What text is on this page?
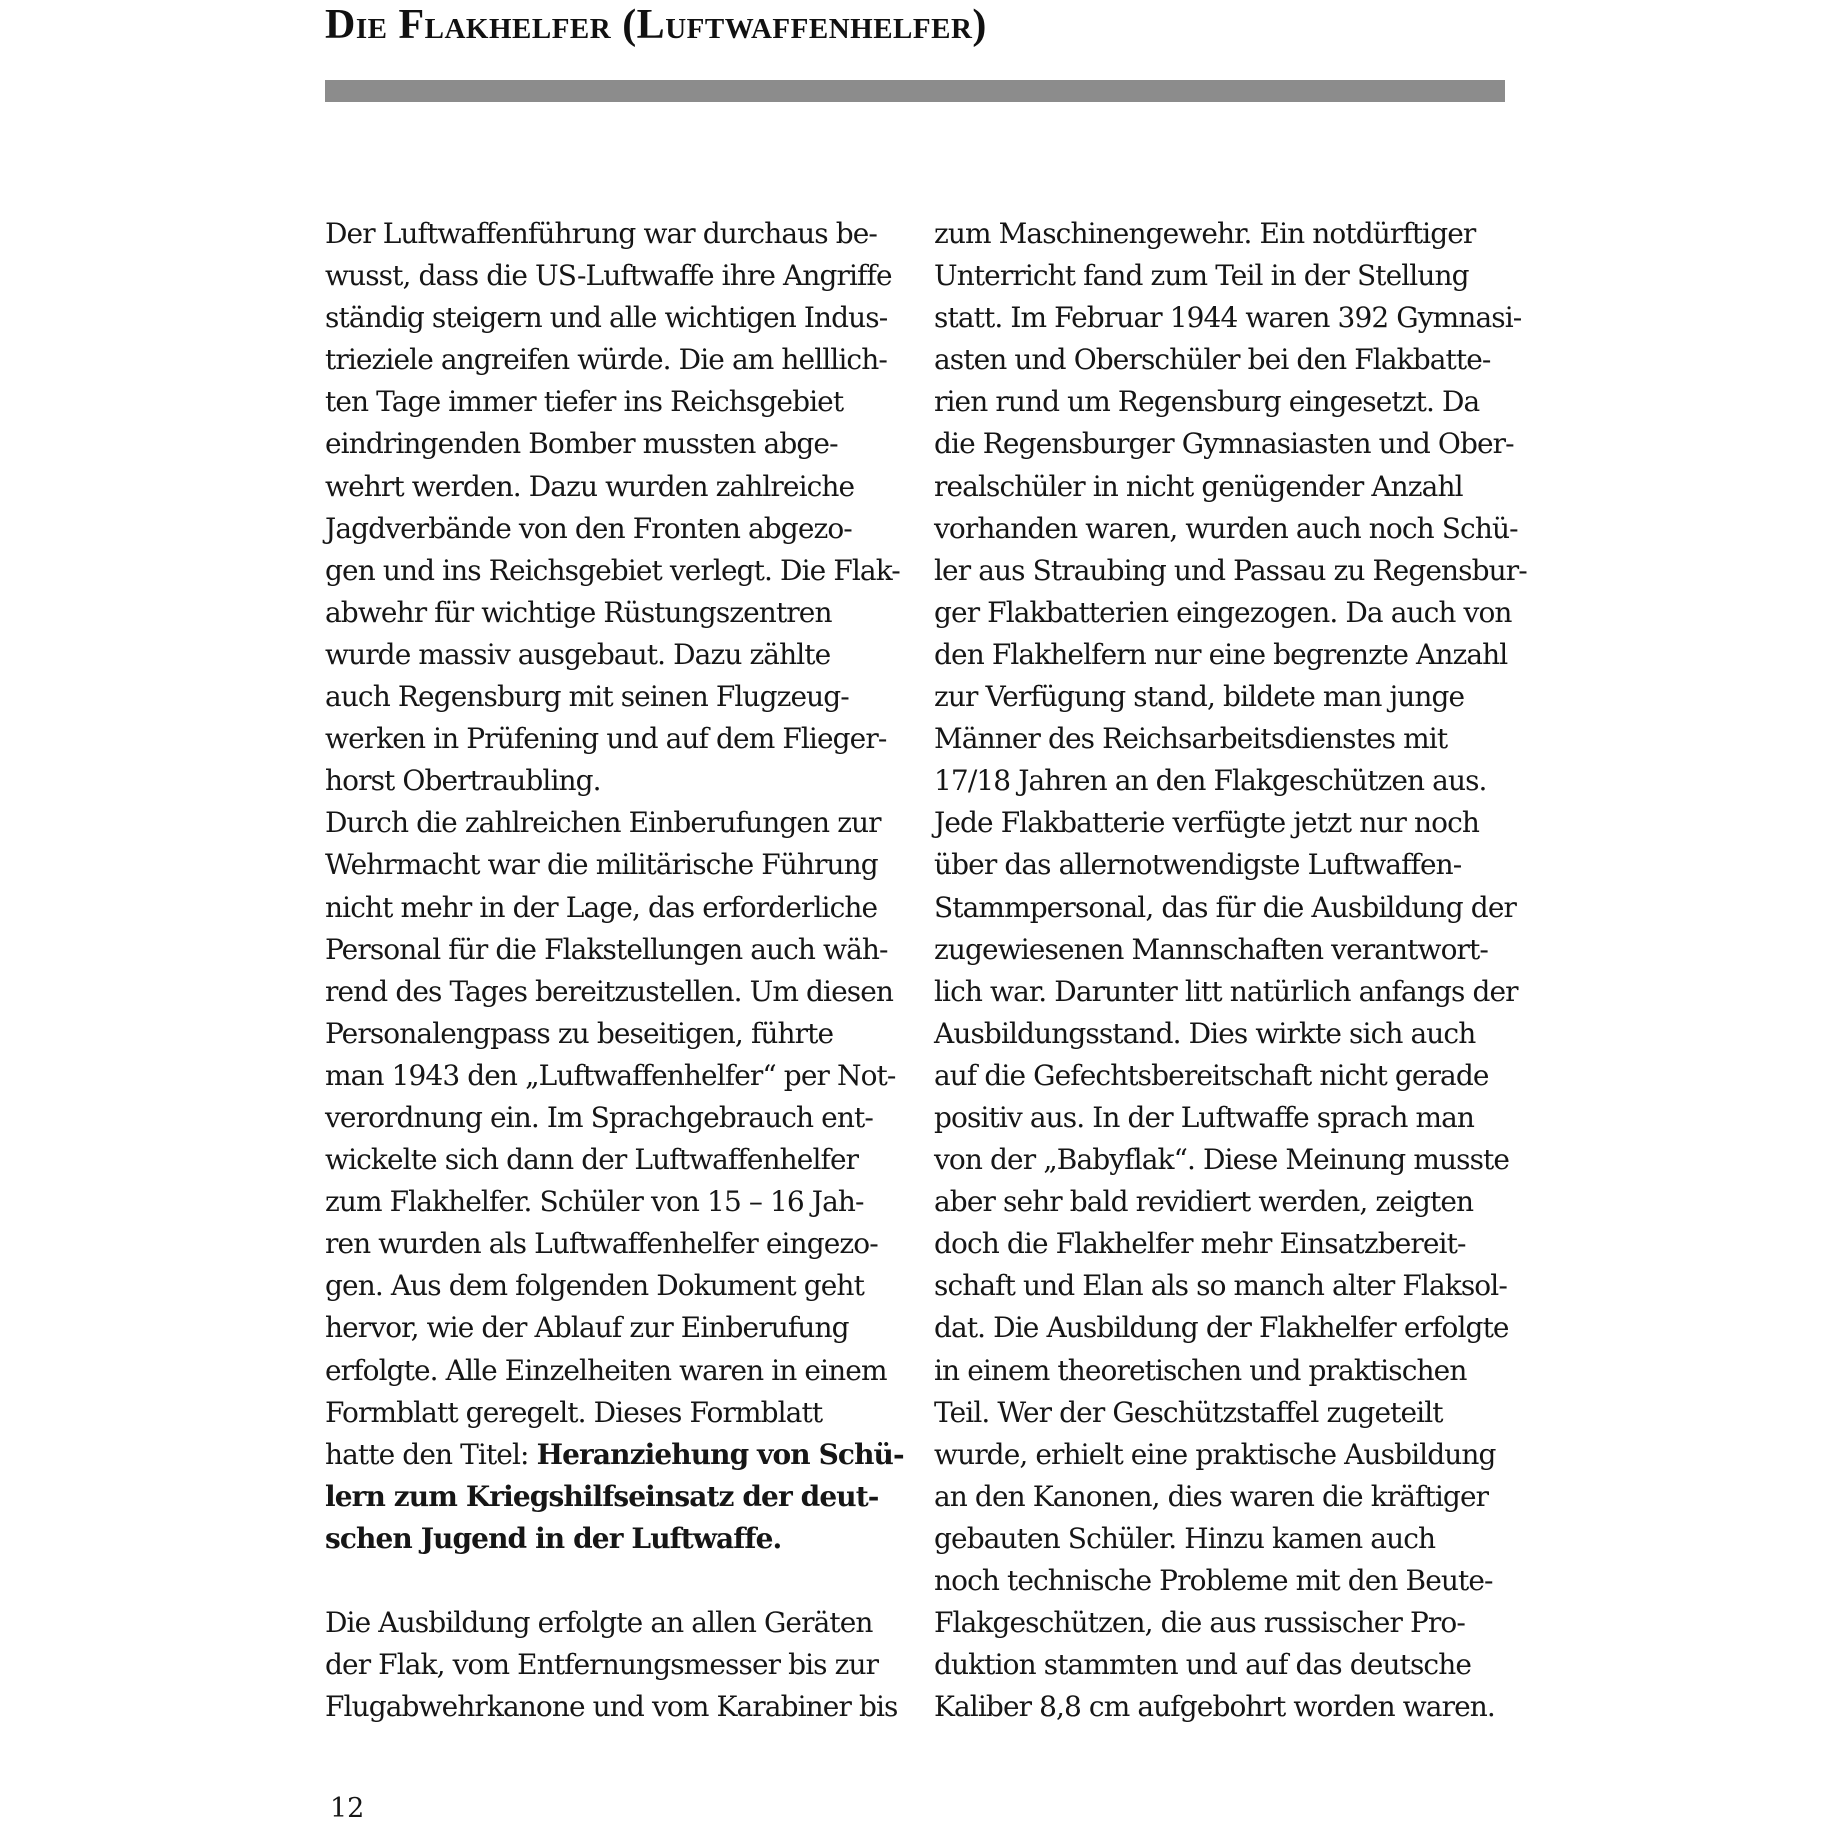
Die Flakhelfer (Luftwaffenhelfer)
Der Luftwaffenführung war durchaus be-
wusst, dass die US-Luftwaffe ihre Angriffe
ständig steigern und alle wichtigen Indus-
trieziele angreifen würde. Die am helllich-
ten Tage immer tiefer ins Reichsgebiet
eindringenden Bomber mussten abge-
wehrt werden. Dazu wurden zahlreiche
Jagdverbände von den Fronten abgezo-
gen und ins Reichsgebiet verlegt. Die Flak-
abwehr für wichtige Rüstungszentren
wurde massiv ausgebaut. Dazu zählte
auch Regensburg mit seinen Flugzeug-
werken in Prüfening und auf dem Flieger-
horst Obertraubling.
Durch die zahlreichen Einberufungen zur
Wehrmacht war die militärische Führung
nicht mehr in der Lage, das erforderliche
Personal für die Flakstellungen auch wäh-
rend des Tages bereitzustellen. Um diesen
Personalengpass zu beseitigen, führte
man 1943 den „Luftwaffenhelfer“ per Not-
verordnung ein. Im Sprachgebrauch ent-
wickelte sich dann der Luftwaffenhelfer
zum Flakhelfer. Schüler von 15 – 16 Jah-
ren wurden als Luftwaffenhelfer eingezo-
gen. Aus dem folgenden Dokument geht
hervor, wie der Ablauf zur Einberufung
erfolgte. Alle Einzelheiten waren in einem
Formblatt geregelt. Dieses Formblatt
hatte den Titel: Heranziehung von Schü-
lern zum Kriegshilfseinsatz der deut-
schen Jugend in der Luftwaffe.
Die Ausbildung erfolgte an allen Geräten
der Flak, vom Entfernungsmesser bis zur
Flugabwehrkanone und vom Karabiner bis
zum Maschinengewehr. Ein notdürftiger
Unterricht fand zum Teil in der Stellung
statt. Im Februar 1944 waren 392 Gymnasi-
asten und Oberschüler bei den Flakbatte-
rien rund um Regensburg eingesetzt. Da
die Regensburger Gymnasiasten und Ober-
realschüler in nicht genügender Anzahl
vorhanden waren, wurden auch noch Schü-
ler aus Straubing und Passau zu Regensbur-
ger Flakbatterien eingezogen. Da auch von
den Flakhelfern nur eine begrenzte Anzahl
zur Verfügung stand, bildete man junge
Männer des Reichsarbeitsdienstes mit
17/18 Jahren an den Flakgeschützen aus.
Jede Flakbatterie verfügte jetzt nur noch
über das allernotwendigste Luftwaffen-
Stammpersonal, das für die Ausbildung der
zugewiesenen Mannschaften verantwort-
lich war. Darunter litt natürlich anfangs der
Ausbildungsstand. Dies wirkte sich auch
auf die Gefechtsbereitschaft nicht gerade
positiv aus. In der Luftwaffe sprach man
von der „Babyflak“. Diese Meinung musste
aber sehr bald revidiert werden, zeigten
doch die Flakhelfer mehr Einsatzbereit-
schaft und Elan als so manch alter Flaksol-
dat. Die Ausbildung der Flakhelfer erfolgte
in einem theoretischen und praktischen
Teil. Wer der Geschützstaffel zugeteilt
wurde, erhielt eine praktische Ausbildung
an den Kanonen, dies waren die kräftiger
gebauten Schüler. Hinzu kamen auch
noch technische Probleme mit den Beute-
Flakgeschützen, die aus russischer Pro-
duktion stammten und auf das deutsche
Kaliber 8,8 cm aufgebohrt worden waren.
12
